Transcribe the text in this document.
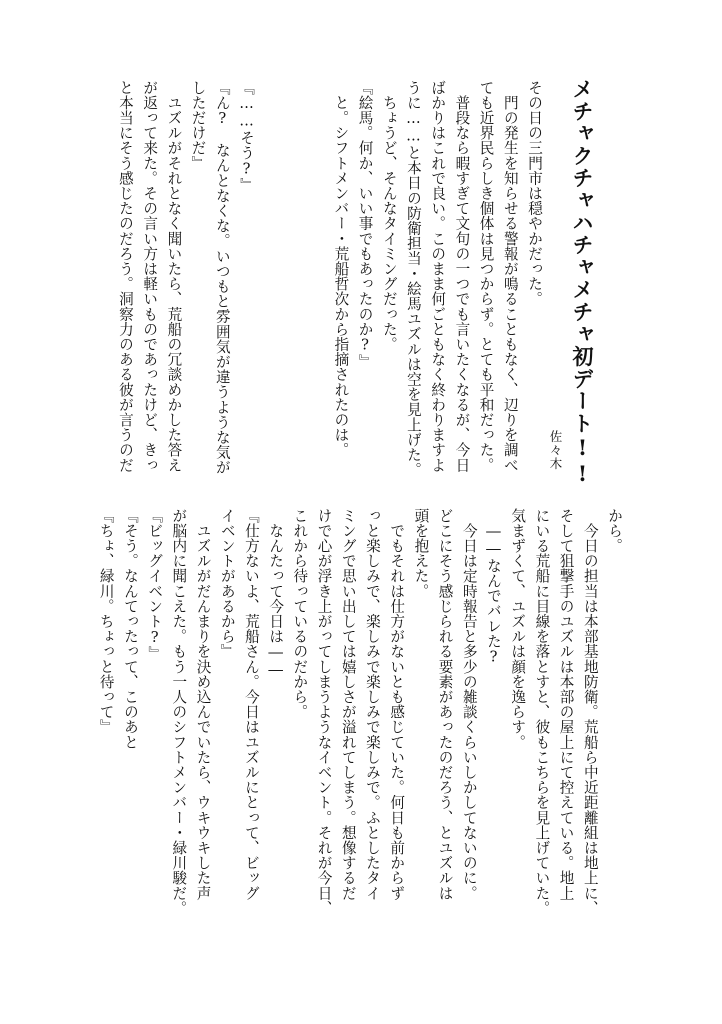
メチャクチャハチャメチャ初デート!!
佐々木
その日の三門市は穏やかだった。
　門の発生を知らせる警報が鳴ることもなく、辺りを調べ
ても近界民らしき個体は見つからず。とても平和だった。
　普段なら暇すぎて文句の一つでも言いたくなるが、今日
ばかりはこれで良い。このまま何ごともなく終わりますよ
うに……と本日の防衛担当・絵馬ユズルは空を見上げた。
　ちょうど、そんなタイミングだった。
『絵馬。何か、いい事でもあったのか?』
　と。シフトメンバー・荒船哲次から指摘されたのは。
『……そう?』
『ん?　なんとなくな。いつもと雰囲気が違うような気が
しただけだ』
　ユズルがそれとなく聞いたら、荒船の冗談めかした答え
が返って来た。その言い方は軽いものであったけど、きっ
と本当にそう感じたのだろう。洞察力のある彼が言うのだ
から。
　今日の担当は本部基地防衛。荒船ら中近距離組は地上に、
そして狙撃手のユズルは本部の屋上にて控えている。地上
にいる荒船に目線を落とすと、彼もこちらを見上げていた。
気まずくて、ユズルは顔を逸らす。
　――なんでバレた?
　今日は定時報告と多少の雑談くらいしかしてないのに。
どこにそう感じられる要素があったのだろう、とユズルは
頭を抱えた。
　でもそれは仕方がないとも感じていた。何日も前からず
っと楽しみで、楽しみで楽しみで楽しみで。ふとしたタイ
ミングで思い出しては嬉しさが溢れてしまう。想像するだ
けで心が浮き上がってしまうようなイベント。それが今日、
これから待っているのだから。
　なんたって今日は――
『仕方ないよ、荒船さん。今日はユズルにとって、ビッグ
イベントがあるから』
　ユズルがだんまりを決め込んでいたら、ウキウキした声
が脳内に聞こえた。もう一人のシフトメンバー・緑川駿だ。
『ビッグイベント?』
『そう。なんてったって、このあと
『ちょ、緑川。ちょっと待って』
